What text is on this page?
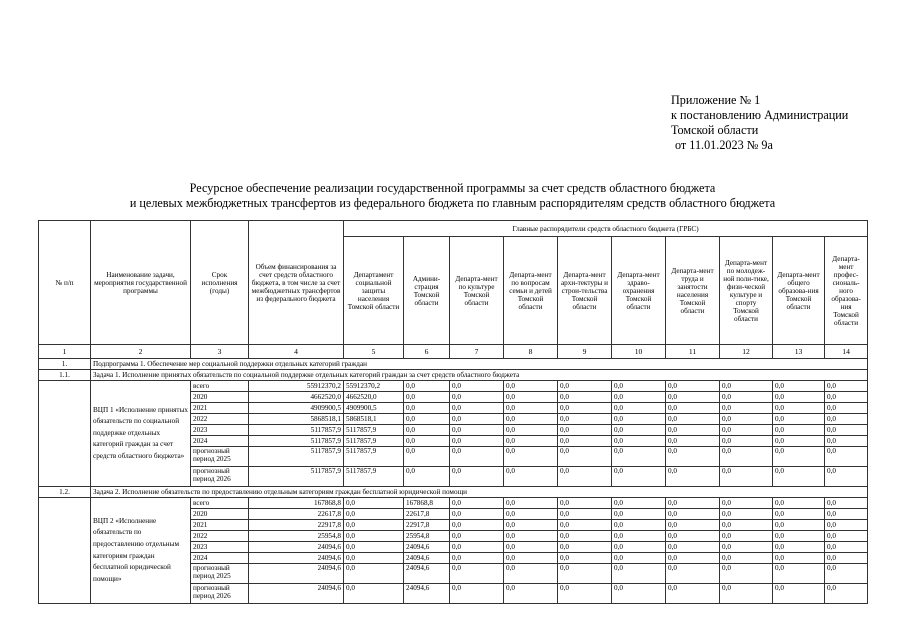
Приложение № 1
к постановлению Администрации
Томской области
от 11.01.2023 № 9а
Ресурсное обеспечение реализации государственной программы за счет средств областного бюджета
и целевых межбюджетных трансфертов из федерального бюджета по главным распорядителям средств областного бюджета
№ п/п	Наименование задачи, мероприятия государственной программы	Срок исполнения (годы)	Объем финансирования за счет средств областного бюджета, в том числе за счет межбюджетных трансфертов из федерального бюджета	Главные распорядители средств областного бюджета (ГРБС)									
				Департамент социальной защиты населения Томской области	Админи-страция Томской области	Департа-мент по культуре Томской области	Департа-мент по вопросам семьи и детей Томской области	Департа-мент архи-тектуры и строи-тельства Томской области	Департа-мент здраво-охранения Томской области	Департа-мент труда и занятости населения Томской области	Департа-мент по молодеж-ной поли-тике, физи-ческой культуре и спорту Томской области	Департа-мент общего образова-ния Томской области	Департа-мент профес-сиональ-ного образова-ния Томской области
1	2	3	4	5	6	7	8	9	10	11	12	13	14
1.	Подпрограмма 1. Обеспечение мер социальной поддержки отдельных категорий граждан												
1.1.	Задача 1. Исполнение принятых обязательств по социальной поддержке отдельных категорий граждан за счет средств областного бюджета												
	ВЦП 1 «Исполнение принятых обязательств по социальной поддержке отдельных категорий граждан за счет средств областного бюджета»	всего	55912370,2	55912370,2	0,0	0,0	0,0	0,0	0,0	0,0	0,0	0,0	0,0
		2020	4662520,0	4662520,0	0,0	0,0	0,0	0,0	0,0	0,0	0,0	0,0	0,0
		2021	4909900,5	4909900,5	0,0	0,0	0,0	0,0	0,0	0,0	0,0	0,0	0,0
		2022	5868518,1	5868518,1	0,0	0,0	0,0	0,0	0,0	0,0	0,0	0,0	0,0
		2023	5117857,9	5117857,9	0,0	0,0	0,0	0,0	0,0	0,0	0,0	0,0	0,0
		2024	5117857,9	5117857,9	0,0	0,0	0,0	0,0	0,0	0,0	0,0	0,0	0,0
		прогнозный период 2025	5117857,9	5117857,9	0,0	0,0	0,0	0,0	0,0	0,0	0,0	0,0	0,0
		прогнозный период 2026	5117857,9	5117857,9	0,0	0,0	0,0	0,0	0,0	0,0	0,0	0,0	0,0
1.2.	Задача 2. Исполнение обязательств по предоставлению отдельным категориям граждан бесплатной юридической помощи												
	ВЦП 2 «Исполнение обязательств по предоставлению отдельным категориям граждан бесплатной юридической помощи»	всего	167868,8	0,0	167868,8	0,0	0,0	0,0	0,0	0,0	0,0	0,0	0,0
		2020	22617,8	0,0	22617,8	0,0	0,0	0,0	0,0	0,0	0,0	0,0	0,0
		2021	22917,8	0,0	22917,8	0,0	0,0	0,0	0,0	0,0	0,0	0,0	0,0
		2022	25954,8	0,0	25954,8	0,0	0,0	0,0	0,0	0,0	0,0	0,0	0,0
		2023	24094,6	0,0	24094,6	0,0	0,0	0,0	0,0	0,0	0,0	0,0	0,0
		2024	24094,6	0,0	24094,6	0,0	0,0	0,0	0,0	0,0	0,0	0,0	0,0
		прогнозный период 2025	24094,6	0,0	24094,6	0,0	0,0	0,0	0,0	0,0	0,0	0,0	0,0
		прогнозный период 2026	24094,6	0,0	24094,6	0,0	0,0	0,0	0,0	0,0	0,0	0,0	0,0
